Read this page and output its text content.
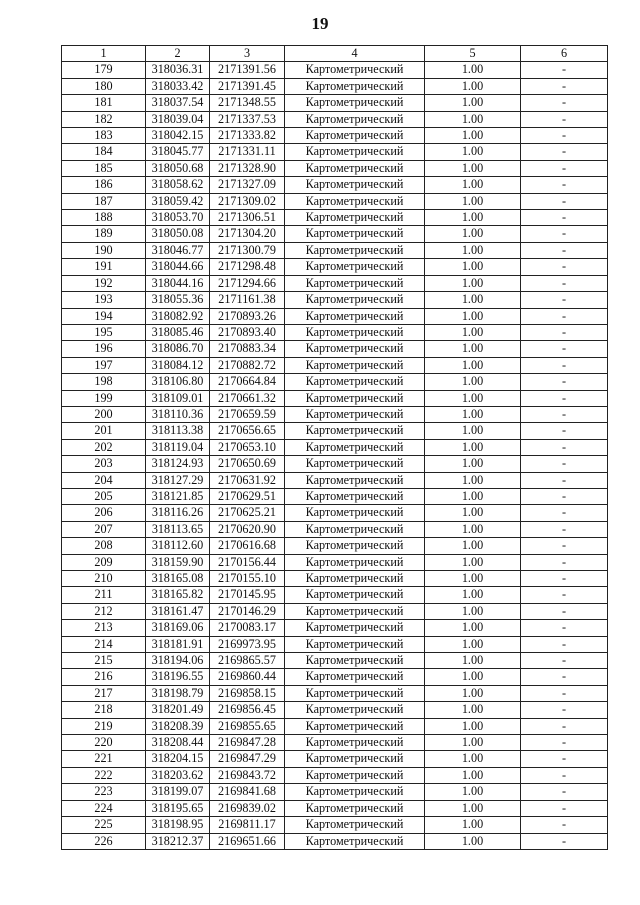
19
1	2	3	4	5	6
179	318036.31	2171391.56	Картометрический	1.00	-
180	318033.42	2171391.45	Картометрический	1.00	-
181	318037.54	2171348.55	Картометрический	1.00	-
182	318039.04	2171337.53	Картометрический	1.00	-
183	318042.15	2171333.82	Картометрический	1.00	-
184	318045.77	2171331.11	Картометрический	1.00	-
185	318050.68	2171328.90	Картометрический	1.00	-
186	318058.62	2171327.09	Картометрический	1.00	-
187	318059.42	2171309.02	Картометрический	1.00	-
188	318053.70	2171306.51	Картометрический	1.00	-
189	318050.08	2171304.20	Картометрический	1.00	-
190	318046.77	2171300.79	Картометрический	1.00	-
191	318044.66	2171298.48	Картометрический	1.00	-
192	318044.16	2171294.66	Картометрический	1.00	-
193	318055.36	2171161.38	Картометрический	1.00	-
194	318082.92	2170893.26	Картометрический	1.00	-
195	318085.46	2170893.40	Картометрический	1.00	-
196	318086.70	2170883.34	Картометрический	1.00	-
197	318084.12	2170882.72	Картометрический	1.00	-
198	318106.80	2170664.84	Картометрический	1.00	-
199	318109.01	2170661.32	Картометрический	1.00	-
200	318110.36	2170659.59	Картометрический	1.00	-
201	318113.38	2170656.65	Картометрический	1.00	-
202	318119.04	2170653.10	Картометрический	1.00	-
203	318124.93	2170650.69	Картометрический	1.00	-
204	318127.29	2170631.92	Картометрический	1.00	-
205	318121.85	2170629.51	Картометрический	1.00	-
206	318116.26	2170625.21	Картометрический	1.00	-
207	318113.65	2170620.90	Картометрический	1.00	-
208	318112.60	2170616.68	Картометрический	1.00	-
209	318159.90	2170156.44	Картометрический	1.00	-
210	318165.08	2170155.10	Картометрический	1.00	-
211	318165.82	2170145.95	Картометрический	1.00	-
212	318161.47	2170146.29	Картометрический	1.00	-
213	318169.06	2170083.17	Картометрический	1.00	-
214	318181.91	2169973.95	Картометрический	1.00	-
215	318194.06	2169865.57	Картометрический	1.00	-
216	318196.55	2169860.44	Картометрический	1.00	-
217	318198.79	2169858.15	Картометрический	1.00	-
218	318201.49	2169856.45	Картометрический	1.00	-
219	318208.39	2169855.65	Картометрический	1.00	-
220	318208.44	2169847.28	Картометрический	1.00	-
221	318204.15	2169847.29	Картометрический	1.00	-
222	318203.62	2169843.72	Картометрический	1.00	-
223	318199.07	2169841.68	Картометрический	1.00	-
224	318195.65	2169839.02	Картометрический	1.00	-
225	318198.95	2169811.17	Картометрический	1.00	-
226	318212.37	2169651.66	Картометрический	1.00	-
